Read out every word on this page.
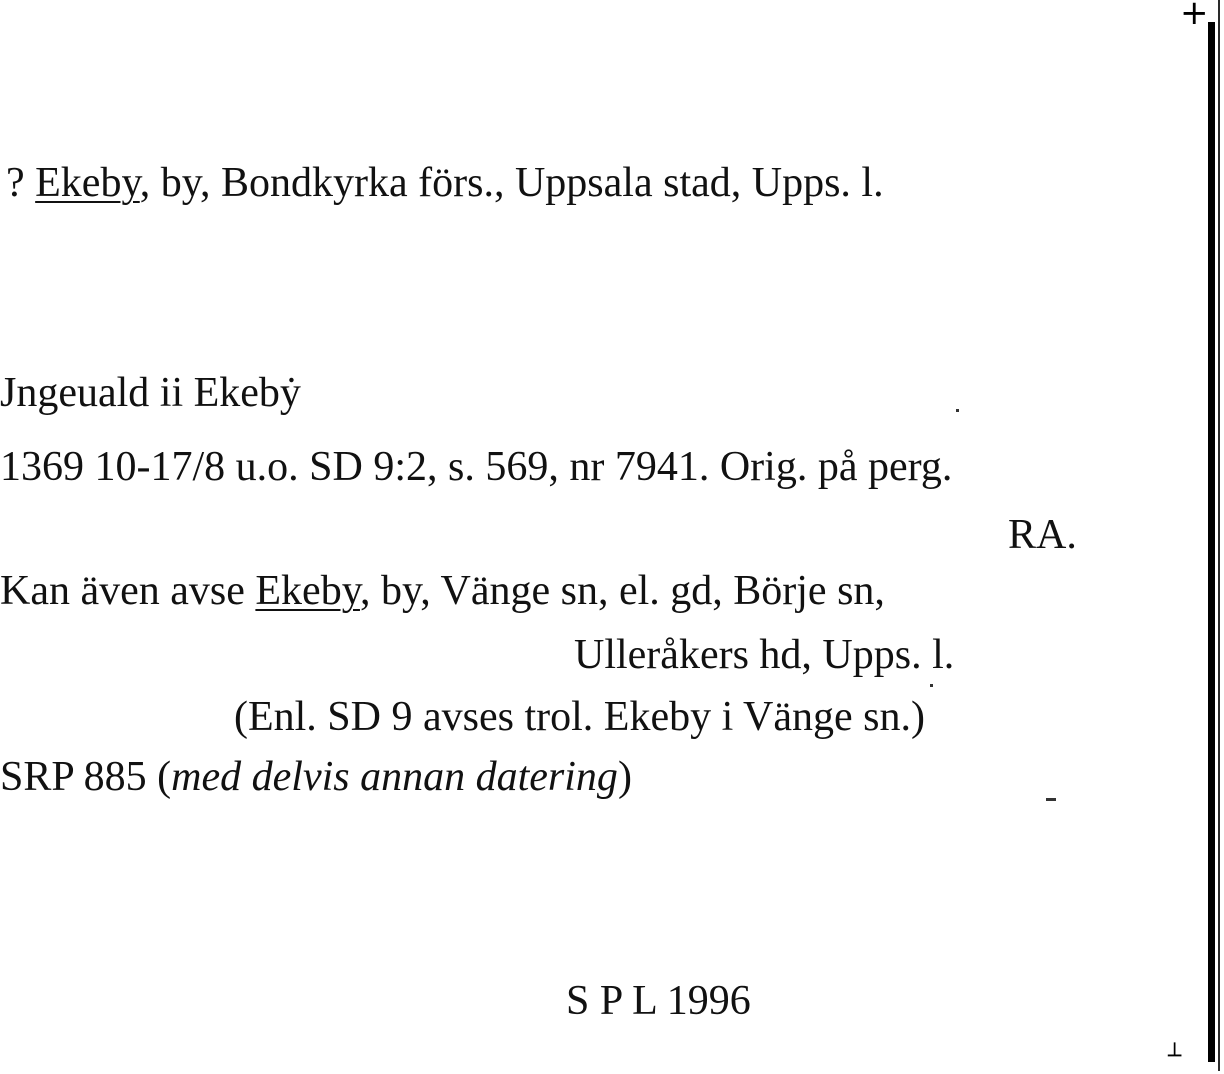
+
┴
? Ekeby, by, Bondkyrka förs., Uppsala stad, Upps. l.
Jngeuald ii Ekebẏ
1369 10-17/8 u.o. SD 9:2, s. 569, nr 7941. Orig. på perg.
RA.
Kan även avse Ekeby, by, Vänge sn, el. gd, Börje sn,
Ulleråkers hd, Upps. l.
(Enl. SD 9 avses trol. Ekeby i Vänge sn.)
SRP 885 (med delvis annan datering)
S P L 1996
